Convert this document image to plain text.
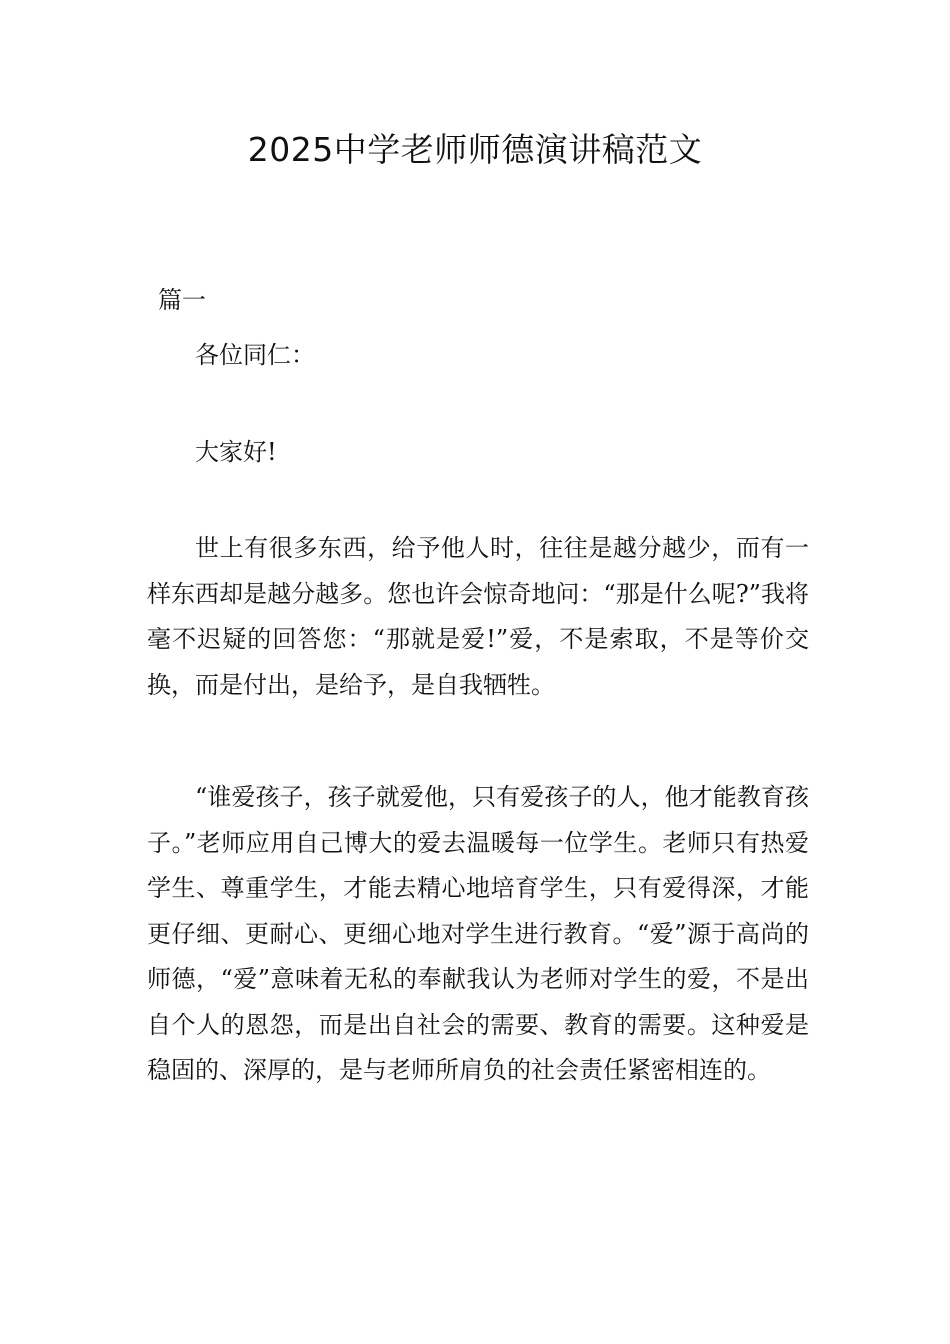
2025中学老师师德演讲稿范文
篇一

各位同仁：

大家好!

世上有很多东西，给予他人时，往往是越分越少，而有一样东西却是越分越多。您也许会惊奇地问：“那是什么呢?”我将毫不迟疑的回答您：“那就是爱!”爱，不是索取，不是等价交换，而是付出，是给予，是自我牺牲。

“谁爱孩子，孩子就爱他，只有爱孩子的人，他才能教育孩子。”老师应用自己博大的爱去温暖每一位学生。老师只有热爱学生、尊重学生，才能去精心地培育学生，只有爱得深，才能更仔细、更耐心、更细心地对学生进行教育。“爱”源于高尚的师德，“爱”意味着无私的奉献我认为老师对学生的爱，不是出自个人的恩怨，而是出自社会的需要、教育的需要。这种爱是稳固的、深厚的，是与老师所肩负的社会责任紧密相连的。
